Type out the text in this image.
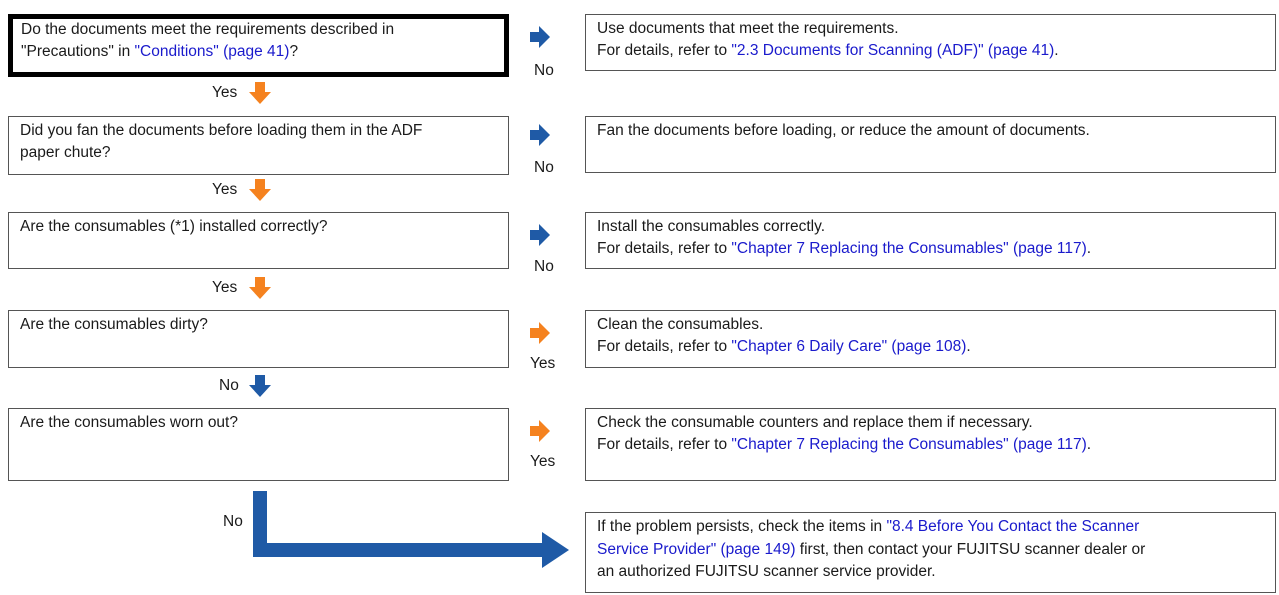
Do the documents meet the requirements described in
"Precautions" in "Conditions" (page 41)?
No
Use documents that meet the requirements.
For details, refer to "2.3 Documents for Scanning (ADF)" (page 41).
Yes
Did you fan the documents before loading them in the ADF
paper chute?
No
Fan the documents before loading, or reduce the amount of documents.
Yes
Are the consumables (*1) installed correctly?
No
Install the consumables correctly.
For details, refer to "Chapter 7 Replacing the Consumables" (page 117).
Yes
Are the consumables dirty?
Yes
Clean the consumables.
For details, refer to "Chapter 6 Daily Care" (page 108).
No
Are the consumables worn out?
Yes
Check the consumable counters and replace them if necessary.
For details, refer to "Chapter 7 Replacing the Consumables" (page 117).
No	If the problem persists, check the items in "8.4 Before You Contact the Scanner
Service Provider" (page 149) first, then contact your FUJITSU scanner dealer or
an authorized FUJITSU scanner service provider.
